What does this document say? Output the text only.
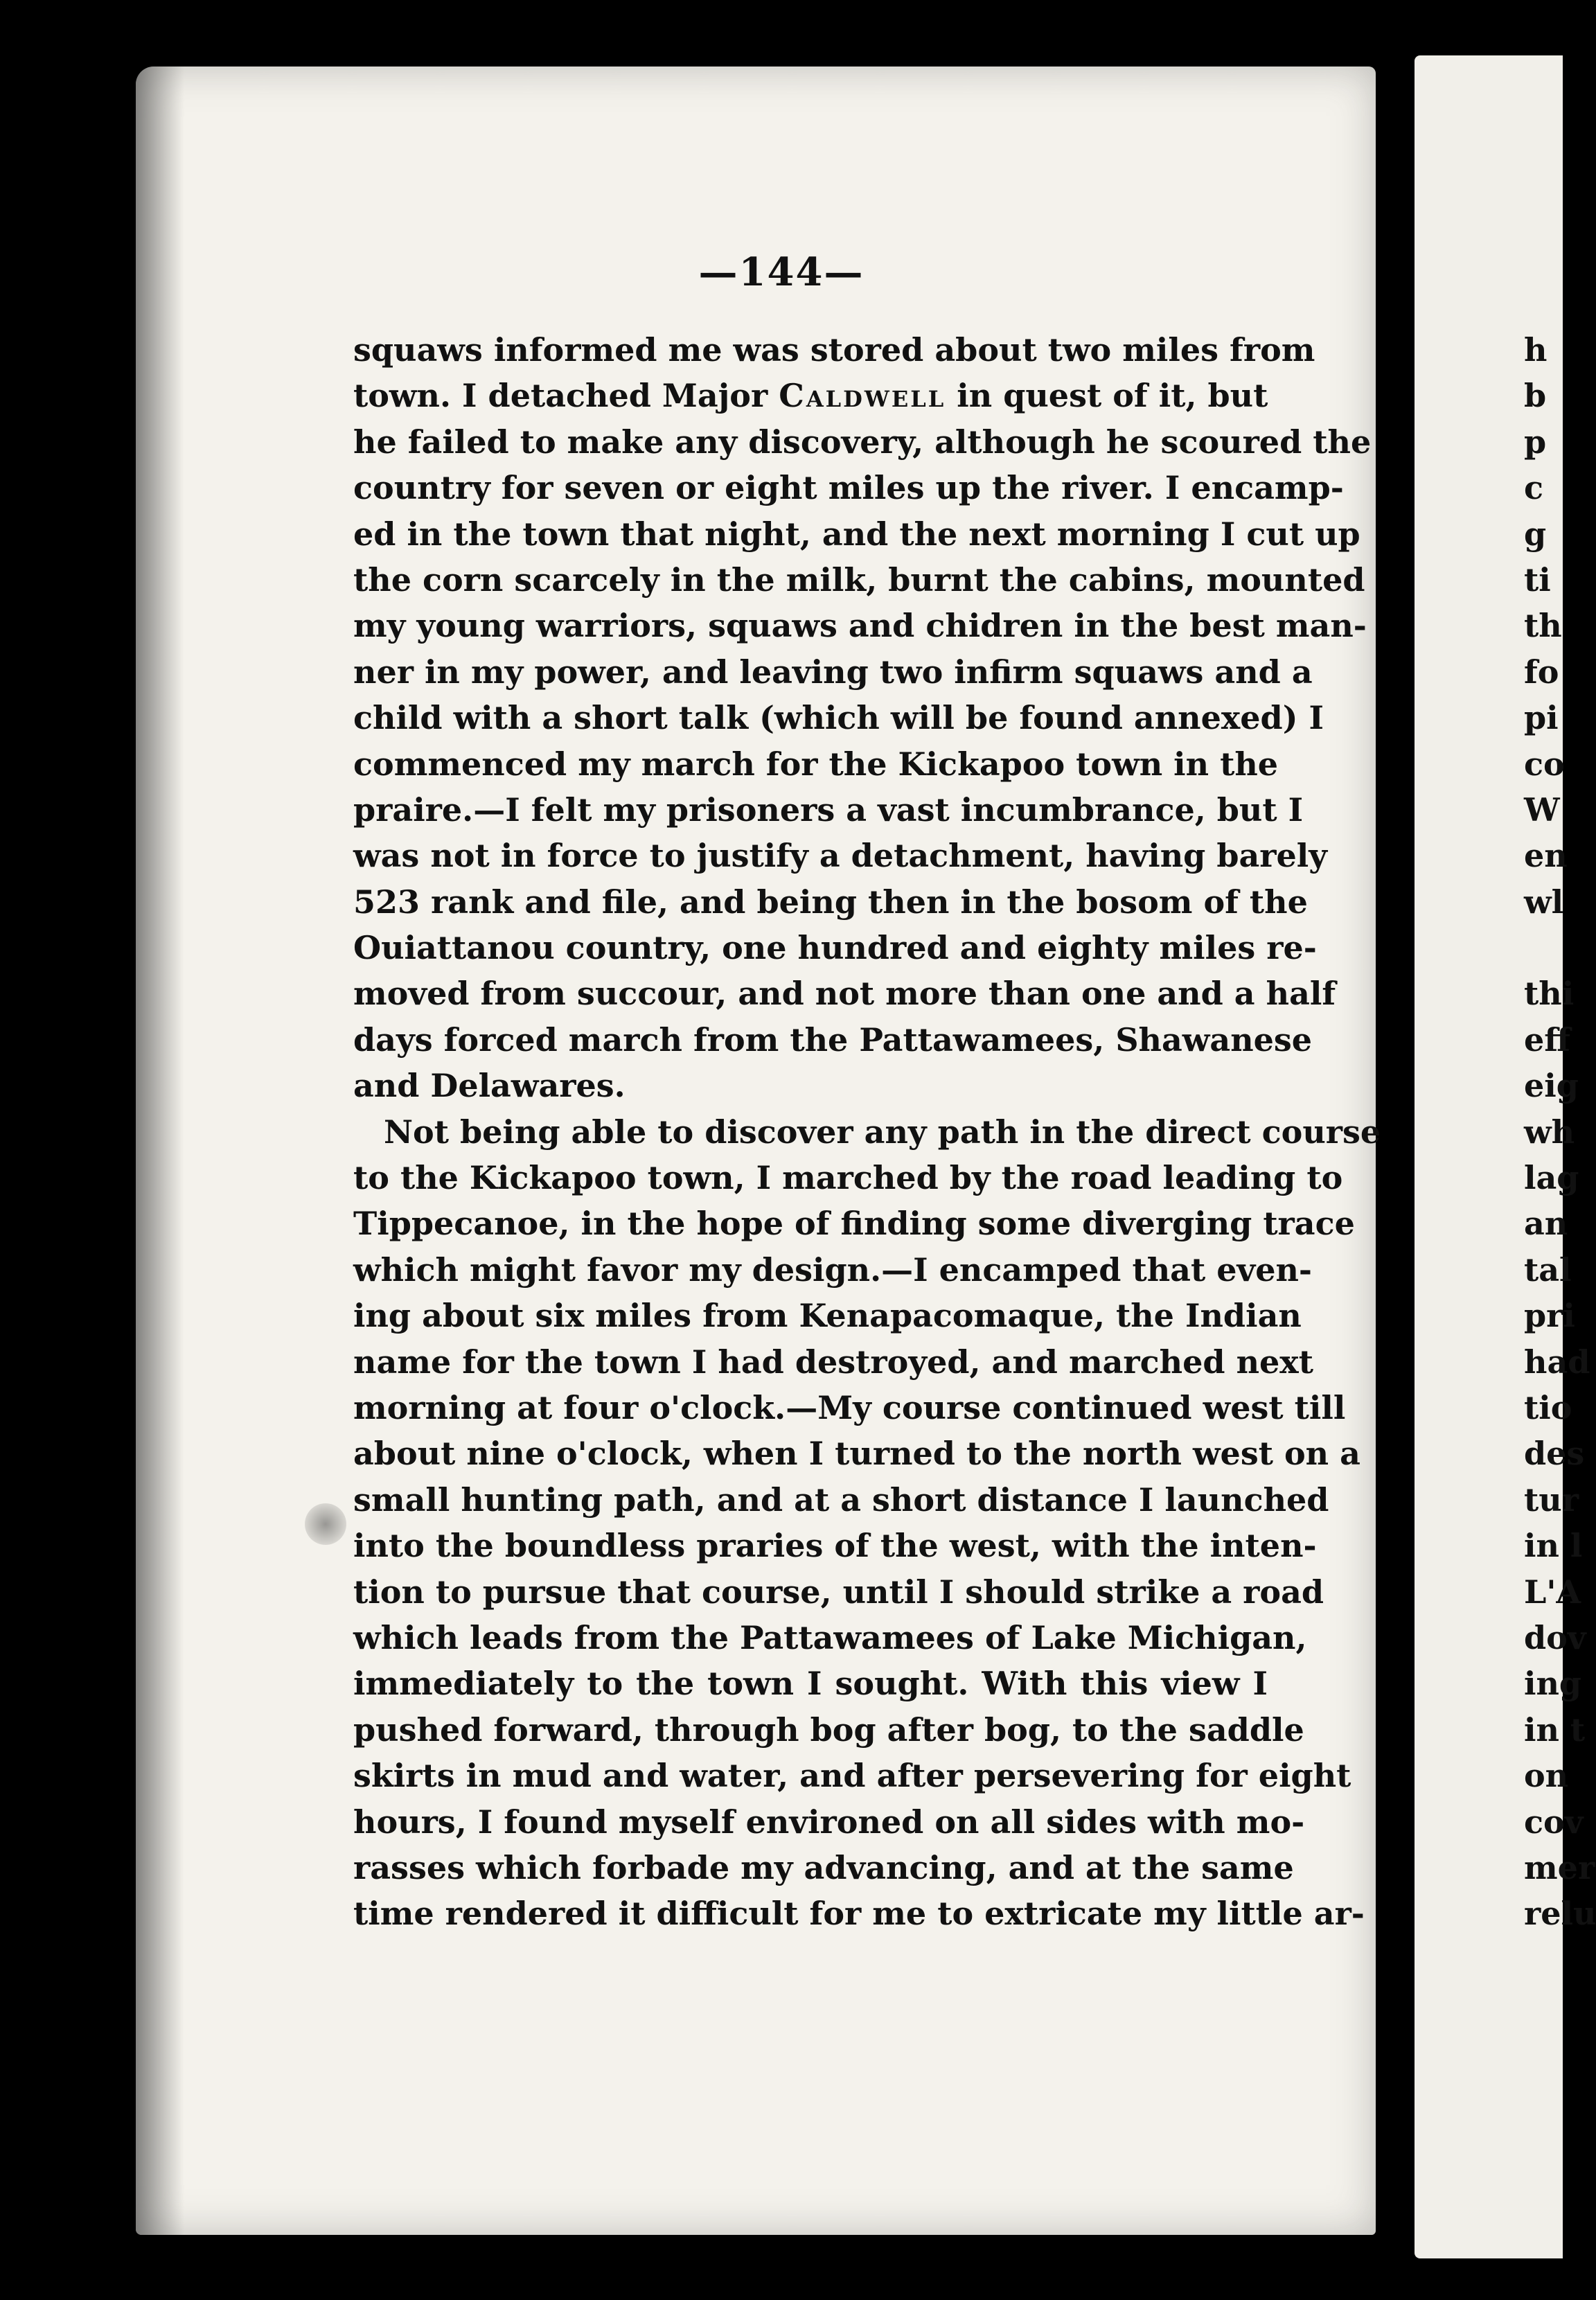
—144—
squaws informed me was stored about two miles from
town. I detached Major Caldwell in quest of it, but
he failed to make any discovery, although he scoured the
country for seven or eight miles up the river. I encamp-
ed in the town that night, and the next morning I cut up
the corn scarcely in the milk, burnt the cabins, mounted
my young warriors, squaws and chidren in the best man-
ner in my power, and leaving two infirm squaws and a
child with a short talk (which will be found annexed) I
commenced my march for the Kickapoo town in the
praire.—I felt my prisoners a vast incumbrance, but I
was not in force to justify a detachment, having barely
523 rank and file, and being then in the bosom of the
Ouiattanou country, one hundred and eighty miles re-
moved from succour, and not more than one and a half
days forced march from the Pattawamees, Shawanese
and Delawares.
Not being able to discover any path in the direct course
to the Kickapoo town, I marched by the road leading to
Tippecanoe, in the hope of finding some diverging trace
which might favor my design.—I encamped that even-
ing about six miles from Kenapacomaque, the Indian
name for the town I had destroyed, and marched next
morning at four o'clock.—My course continued west till
about nine o'clock, when I turned to the north west on a
small hunting path, and at a short distance I launched
into the boundless praries of the west, with the inten-
tion to pursue that course, until I should strike a road
which leads from the Pattawamees of Lake Michigan,
immediately to the town I sought. With this view I
pushed forward, through bog after bog, to the saddle
skirts in mud and water, and after persevering for eight
hours, I found myself environed on all sides with mo-
rasses which forbade my advancing, and at the same
time rendered it difficult for me to extricate my little ar-
h
b
p
c
g
ti
th
fo
pi
co
W
en
wl
thi
eff
eig
wh
lag
an
tal
pri
had
tio
des
tur
in l
L'A
dov
ing
in t
on
cov
mer
relu
